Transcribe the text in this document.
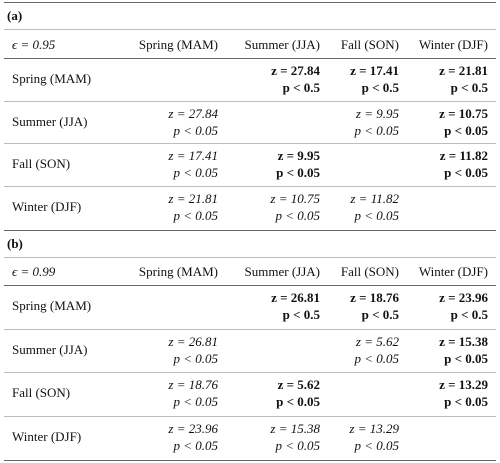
(a)
ϵ = 0.95	Spring (MAM) Summer (JJA) Fall (SON) Winter (DJF)
Spring (MAM)
z = 27.84
p < 0.5
z = 17.41
p < 0.5
z = 21.81
p < 0.5
Summer (JJA)
z = 27.84
p < 0.05
z = 9.95
p < 0.05
z = 10.75
p < 0.05
Fall (SON)
z = 17.41
p < 0.05
z = 9.95
p < 0.05
z = 11.82
p < 0.05
Winter (DJF)
z = 21.81
p < 0.05
z = 10.75
p < 0.05
z = 11.82
p < 0.05
(b)
ϵ = 0.99	Spring (MAM) Summer (JJA) Fall (SON) Winter (DJF)
Spring (MAM)
z = 26.81
p < 0.5
z = 18.76
p < 0.5
z = 23.96
p < 0.5
Summer (JJA)
z = 26.81
p < 0.05
z = 5.62
p < 0.05
z = 15.38
p < 0.05
Fall (SON)
z = 18.76
p < 0.05
z = 5.62
p < 0.05
z = 13.29
p < 0.05
Winter (DJF)
z = 23.96
p < 0.05
z = 15.38
p < 0.05
z = 13.29
p < 0.05
